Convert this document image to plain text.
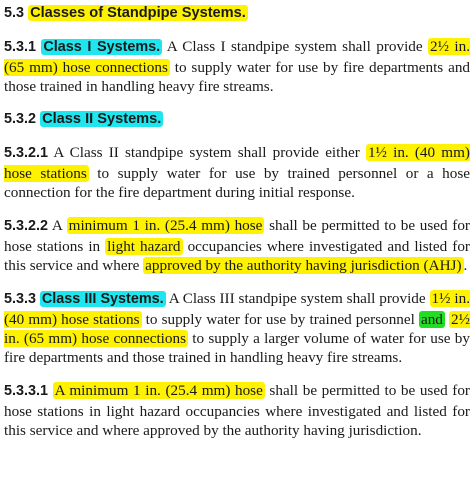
5.3 Classes of Standpipe Systems.

5.3.1 Class I Systems. A Class I standpipe system shall provide 2½ in. (65 mm) hose connections to supply water for use by fire departments and those trained in handling heavy fire streams.

5.3.2 Class II Systems.

5.3.2.1 A Class II standpipe system shall provide either 1½ in. (40 mm) hose stations to supply water for use by trained personnel or a hose connection for the fire department during initial response.

5.3.2.2 A minimum 1 in. (25.4 mm) hose shall be permitted to be used for hose stations in light hazard occupancies where investigated and listed for this service and where approved by the authority having jurisdiction (AHJ) .

5.3.3 Class III Systems. A Class III standpipe system shall provide 1½ in. (40 mm) hose stations to supply water for use by trained personnel and 2½ in. (65 mm) hose connections to supply a larger volume of water for use by fire departments and those trained in handling heavy fire streams.

5.3.3.1 A minimum 1 in. (25.4 mm) hose shall be permitted to be used for hose stations in light hazard occupancies where investigated and listed for this service and where approved by the authority having jurisdiction.
